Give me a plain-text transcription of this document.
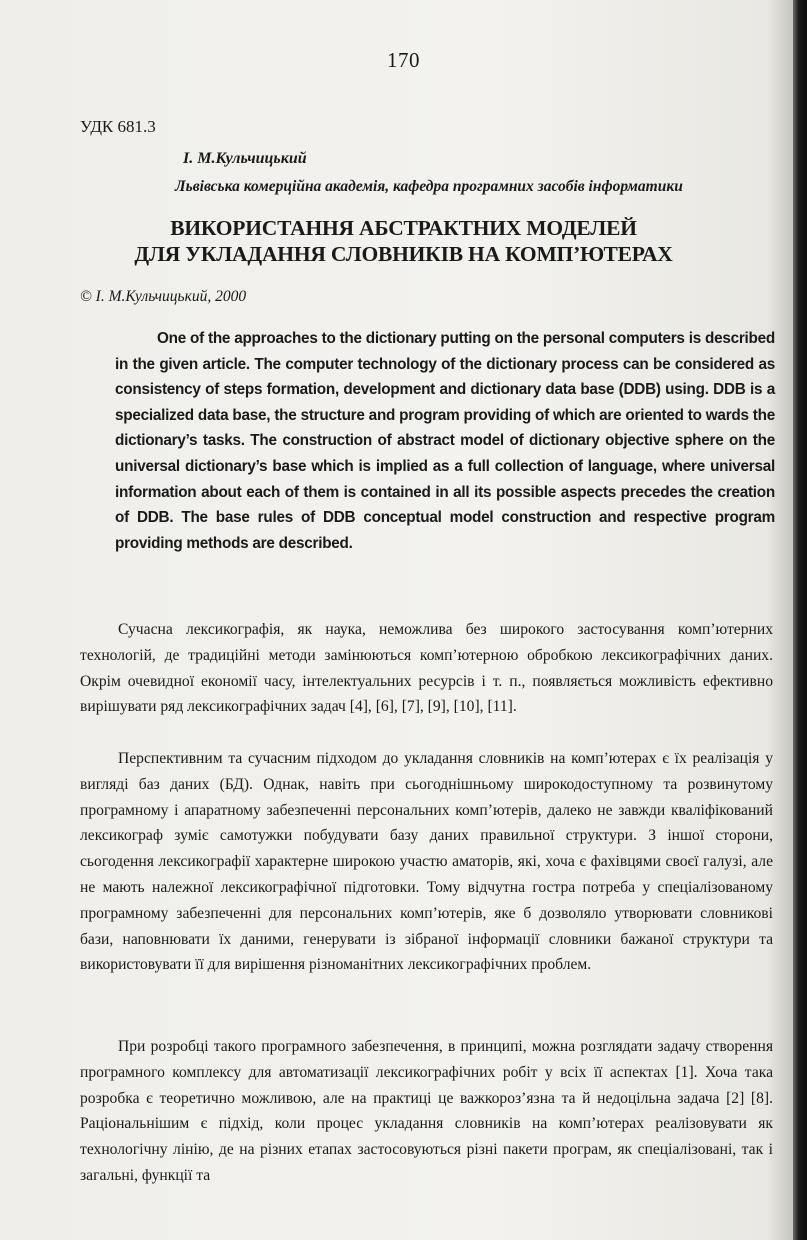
170
УДК 681.3
І. М.Кульчицький
Львівська комерційна академія, кафедра програмних засобів інформатики
ВИКОРИСТАННЯ АБСТРАКТНИХ МОДЕЛЕЙ
ДЛЯ УКЛАДАННЯ СЛОВНИКІВ НА КОМП’ЮТЕРАХ
© І. М.Кульчицький, 2000
One of the approaches to the dictionary putting on the personal computers is described in the given article. The computer technology of the dictionary process can be considered as consistency of steps formation, development and dictionary data base (DDB) using. DDB is a specialized data base, the structure and program providing of which are oriented to wards the dictionary’s tasks. The construction of abstract model of dictionary objective sphere on the universal dictionary’s base which is implied as a full collection of language, where universal information about each of them is contained in all its possible aspects precedes the creation of DDB. The base rules of DDB conceptual model construction and respective program providing methods are described.
Сучасна лексикографія, як наука, неможлива без широкого застосування комп’ютерних технологій, де традиційні методи замінюються комп’ютерною обробкою лексикографічних даних. Окрім очевидної економії часу, інтелектуальних ресурсів і т. п., появляється можливість ефективно вирішувати ряд лексикографічних задач [4], [6], [7], [9], [10], [11].
Перспективним та сучасним підходом до укладання словників на комп’ютерах є їх реалізація у вигляді баз даних (БД). Однак, навіть при сьогоднішньому широкодоступному та розвинутому програмному і апаратному забезпеченні персональних комп’ютерів, далеко не завжди кваліфікований лексикограф зуміє самотужки побудувати базу даних правильної структури. З іншої сторони, сьогодення лексикографії характерне широкою участю аматорів, які, хоча є фахівцями своєї галузі, але не мають належної лексикографічної підготовки. Тому відчутна гостра потреба у спеціалізованому програмному забезпеченні для персональних комп’ютерів, яке б дозволяло утворювати словникові бази, наповнювати їх даними, генерувати із зібраної інформації словники бажаної структури та використовувати її для вирішення різноманітних лексикографічних проблем.
При розробці такого програмного забезпечення, в принципі, можна розглядати задачу створення програмного комплексу для автоматизації лексикографічних робіт у всіх її аспектах [1]. Хоча така розробка є теоретично можливою, але на практиці це важкороз’язна та й недоцільна задача [2] [8]. Раціональнішим є підхід, коли процес укладання словників на комп’ютерах реалізовувати як технологічну лінію, де на різних етапах застосовуються різні пакети програм, як спеціалізовані, так і загальні, функції та
